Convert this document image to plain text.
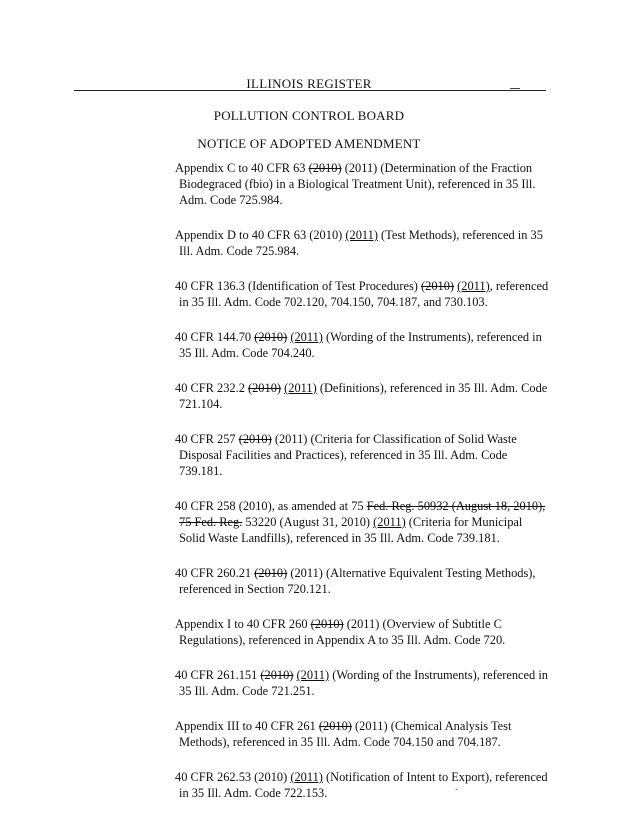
ILLINOIS REGISTER
POLLUTION CONTROL BOARD
NOTICE OF ADOPTED AMENDMENT
Appendix C to 40 CFR 63 (2010) (2011) (Determination of the Fraction Biodegraced (fbio) in a Biological Treatment Unit), referenced in 35 Ill. Adm. Code 725.984.
Appendix D to 40 CFR 63 (2010) (2011) (Test Methods), referenced in 35 Ill. Adm. Code 725.984.
40 CFR 136.3 (Identification of Test Procedures) (2010) (2011), referenced in 35 Ill. Adm. Code 702.120, 704.150, 704.187, and 730.103.
40 CFR 144.70 (2010) (2011) (Wording of the Instruments), referenced in 35 Ill. Adm. Code 704.240.
40 CFR 232.2 (2010) (2011) (Definitions), referenced in 35 Ill. Adm. Code 721.104.
40 CFR 257 (2010) (2011) (Criteria for Classification of Solid Waste Disposal Facilities and Practices), referenced in 35 Ill. Adm. Code 739.181.
40 CFR 258 (2010), as amended at 75 Fed. Reg. 50932 (August 18, 2010), 75 Fed. Reg. 53220 (August 31, 2010) (2011) (Criteria for Municipal Solid Waste Landfills), referenced in 35 Ill. Adm. Code 739.181.
40 CFR 260.21 (2010) (2011) (Alternative Equivalent Testing Methods), referenced in Section 720.121.
Appendix I to 40 CFR 260 (2010) (2011) (Overview of Subtitle C Regulations), referenced in Appendix A to 35 Ill. Adm. Code 720.
40 CFR 261.151 (2010) (2011) (Wording of the Instruments), referenced in 35 Ill. Adm. Code 721.251.
Appendix III to 40 CFR 261 (2010) (2011) (Chemical Analysis Test Methods), referenced in 35 Ill. Adm. Code 704.150 and 704.187.
40 CFR 262.53 (2010) (2011) (Notification of Intent to Export), referenced in 35 Ill. Adm. Code 722.153.	.
